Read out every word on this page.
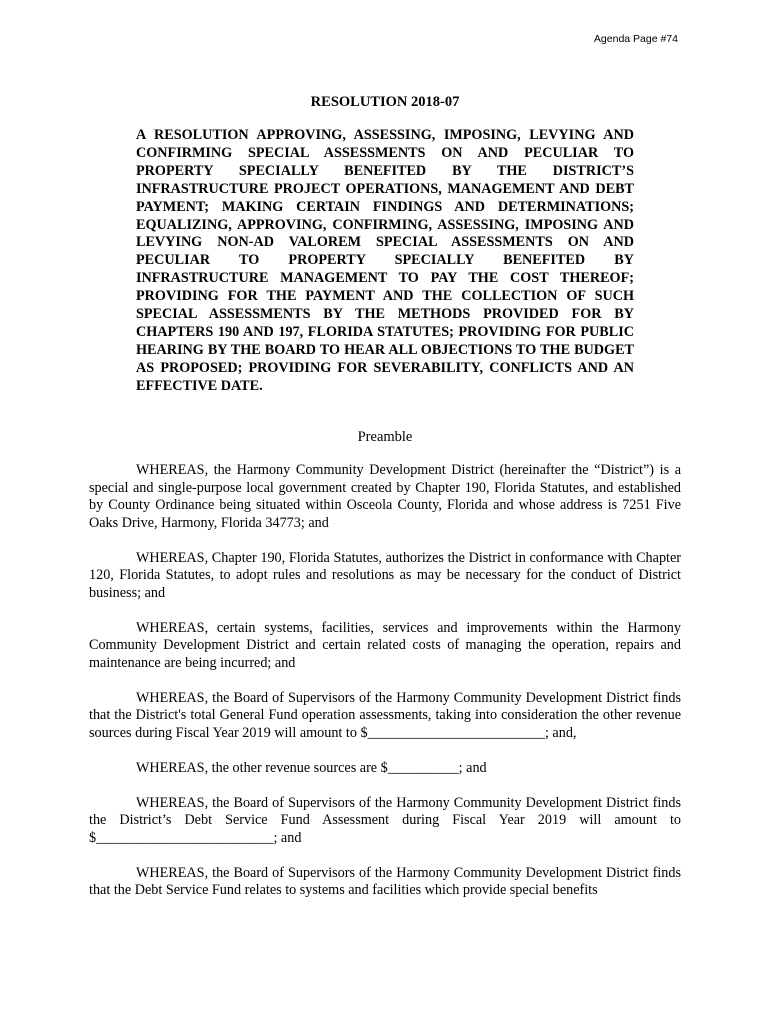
Agenda Page #74
RESOLUTION 2018-07

A RESOLUTION APPROVING, ASSESSING, IMPOSING, LEVYING AND CONFIRMING SPECIAL ASSESSMENTS ON AND PECULIAR TO PROPERTY SPECIALLY BENEFITED BY THE DISTRICT’S INFRASTRUCTURE PROJECT OPERATIONS, MANAGEMENT AND DEBT PAYMENT; MAKING CERTAIN FINDINGS AND DETERMINATIONS; EQUALIZING, APPROVING, CONFIRMING, ASSESSING, IMPOSING AND LEVYING NON-AD VALOREM SPECIAL ASSESSMENTS ON AND PECULIAR TO PROPERTY SPECIALLY BENEFITED BY INFRASTRUCTURE MANAGEMENT TO PAY THE COST THEREOF; PROVIDING FOR THE PAYMENT AND THE COLLECTION OF SUCH SPECIAL ASSESSMENTS BY THE METHODS PROVIDED FOR BY CHAPTERS 190 AND 197, FLORIDA STATUTES; PROVIDING FOR PUBLIC HEARING BY THE BOARD TO HEAR ALL OBJECTIONS TO THE BUDGET AS PROPOSED; PROVIDING FOR SEVERABILITY, CONFLICTS AND AN EFFECTIVE DATE.

Preamble

WHEREAS, the Harmony Community Development District (hereinafter the “District”) is a special and single-purpose local government created by Chapter 190, Florida Statutes, and established by County Ordinance being situated within Osceola County, Florida and whose address is 7251 Five Oaks Drive, Harmony, Florida 34773; and

WHEREAS, Chapter 190, Florida Statutes, authorizes the District in conformance with Chapter 120, Florida Statutes, to adopt rules and resolutions as may be necessary for the conduct of District business; and

WHEREAS, certain systems, facilities, services and improvements within the Harmony Community Development District and certain related costs of managing the operation, repairs and maintenance are being incurred; and

WHEREAS, the Board of Supervisors of the Harmony Community Development District finds that the District's total General Fund operation assessments, taking into consideration the other revenue sources during Fiscal Year 2019 will amount to $_________________________; and,

WHEREAS, the other revenue sources are $__________; and

WHEREAS, the Board of Supervisors of the Harmony Community Development District finds the District’s Debt Service Fund Assessment during Fiscal Year 2019 will amount to $_________________________; and

WHEREAS, the Board of Supervisors of the Harmony Community Development District finds that the Debt Service Fund relates to systems and facilities which provide special benefits
